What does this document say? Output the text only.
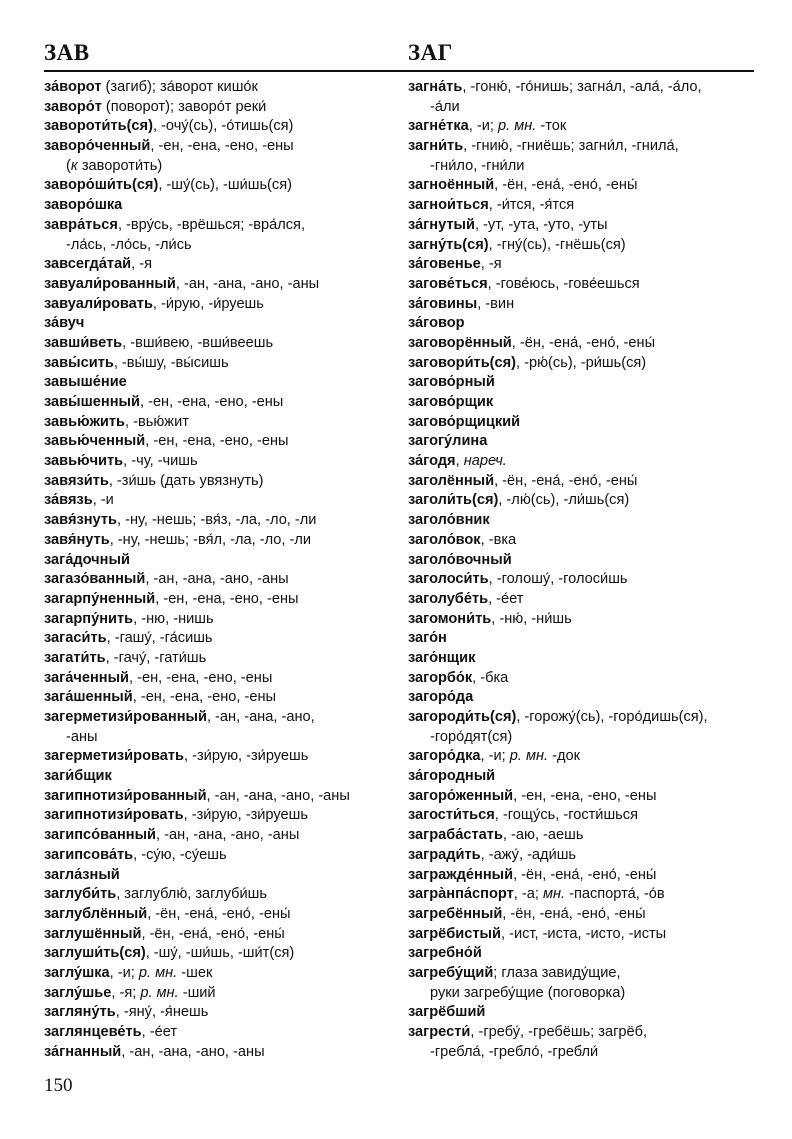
ЗАВ	ЗАГ
за́ворот (загиб); за́ворот кишо́к
заворо́т (поворот); заворо́т реки́
завороти́ть(ся), -очу́(сь), -о́тишь(ся)
заворо́ченный, -ен, -ена, -ено, -ены
(к завороти́ть)
заворо́ши́ть(ся), -шу́(сь), -ши́шь(ся)
заворо́шка
завра́ться, -вру́сь, -врёшься; -вра́лся,
-ла́сь, -ло́сь, -ли́сь
завсегда́тай, -я
завуали́рованный, -ан, -ана, -ано, -аны
завуали́ровать, -и́рую, -и́руешь
за́вуч
завши́веть, -вши́вею, -вши́веешь
завы́сить, -вы́шу, -вы́сишь
завыше́ние
завы́шенный, -ен, -ена, -ено, -ены
завью́жить, -вью́жит
завью́ченный, -ен, -ена, -ено, -ены
завью́чить, -чу, -чишь
завязи́ть, -зи́шь (дать увязнуть)
за́вязь, -и
завя́знуть, -ну, -нешь; -вя́з, -ла, -ло, -ли
завя́нуть, -ну, -нешь; -вя́л, -ла, -ло, -ли
зага́дочный
загазо́ванный, -ан, -ана, -ано, -аны
загарпу́ненный, -ен, -ена, -ено, -ены
загарпу́нить, -ню, -нишь
загаси́ть, -гашу́, -га́сишь
загати́ть, -гачу́, -гати́шь
зага́ченный, -ен, -ена, -ено, -ены
зага́шенный, -ен, -ена, -ено, -ены
загерметизи́рованный, -ан, -ана, -ано,
-аны
загерметизи́ровать, -зи́рую, -зи́руешь
заги́бщик
загипнотизи́рованный, -ан, -ана, -ано, -аны
загипнотизи́ровать, -зи́рую, -зи́руешь
загипсо́ванный, -ан, -ана, -ано, -аны
загипсова́ть, -су́ю, -су́ешь
загла́зный
заглуби́ть, заглублю́, заглуби́шь
заглублённый, -ён, -ена́, -ено́, -ены́
заглушённый, -ён, -ена́, -ено́, -ены́
заглуши́ть(ся), -шу́, -ши́шь, -ши́т(ся)
заглу́шка, -и; р. мн. -шек
заглу́шье, -я; р. мн. -ший
загляну́ть, -яну́, -я́нешь
заглянцеве́ть, -е́ет
за́гнанный, -ан, -ана, -ано, -аны
загна́ть, -гоню́, -го́нишь; загна́л, -ала́, -а́ло,
-а́ли
загне́тка, -и; р. мн. -ток
загни́ть, -гнию́, -гниёшь; загни́л, -гнила́,
-гни́ло, -гни́ли
загноённый, -ён, -ена́, -ено́, -ены́
загнои́ться, -и́тся, -я́тся
за́гнутый, -ут, -ута, -уто, -уты
загну́ть(ся), -гну́(сь), -гнёшь(ся)
за́говенье, -я
загове́ться, -гове́юсь, -гове́ешься
за́говины, -вин
за́говор
заговорённый, -ён, -ена́, -ено́, -ены́
заговори́ть(ся), -рю́(сь), -ри́шь(ся)
загово́рный
загово́рщик
загово́рщицкий
загогу́лина
за́годя, нареч.
заголённый, -ён, -ена́, -ено́, -ены́
заголи́ть(ся), -лю́(сь), -ли́шь(ся)
заголо́вник
заголо́вок, -вка
заголо́вочный
заголоси́ть, -голошу́, -голоси́шь
заголубе́ть, -е́ет
загомони́ть, -ню́, -ни́шь
заго́н
заго́нщик
загорбо́к, -бка
загоро́да
загороди́ть(ся), -горожу́(сь), -горо́дишь(ся),
-горо́дят(ся)
загоро́дка, -и; р. мн. -док
за́городный
загоро́женный, -ен, -ена, -ено, -ены
загости́ться, -гощу́сь, -гости́шься
заграба́стать, -аю, -аешь
загради́ть, -ажу́, -ади́шь
загражде́нный, -ён, -ена́, -ено́, -ены́
загра̀нпа́спорт, -а; мн. -паспорта́, -о́в
загребённый, -ён, -ена́, -ено́, -ены́
загрёбистый, -ист, -иста, -исто, -исты
загребно́й
загребу́щий; глаза завиду́щие,
руки загребу́щие (поговорка)
загрёбший
загрести́, -гребу́, -гребёшь; загрёб,
-гребла́, -гребло́, -гребли́
150
